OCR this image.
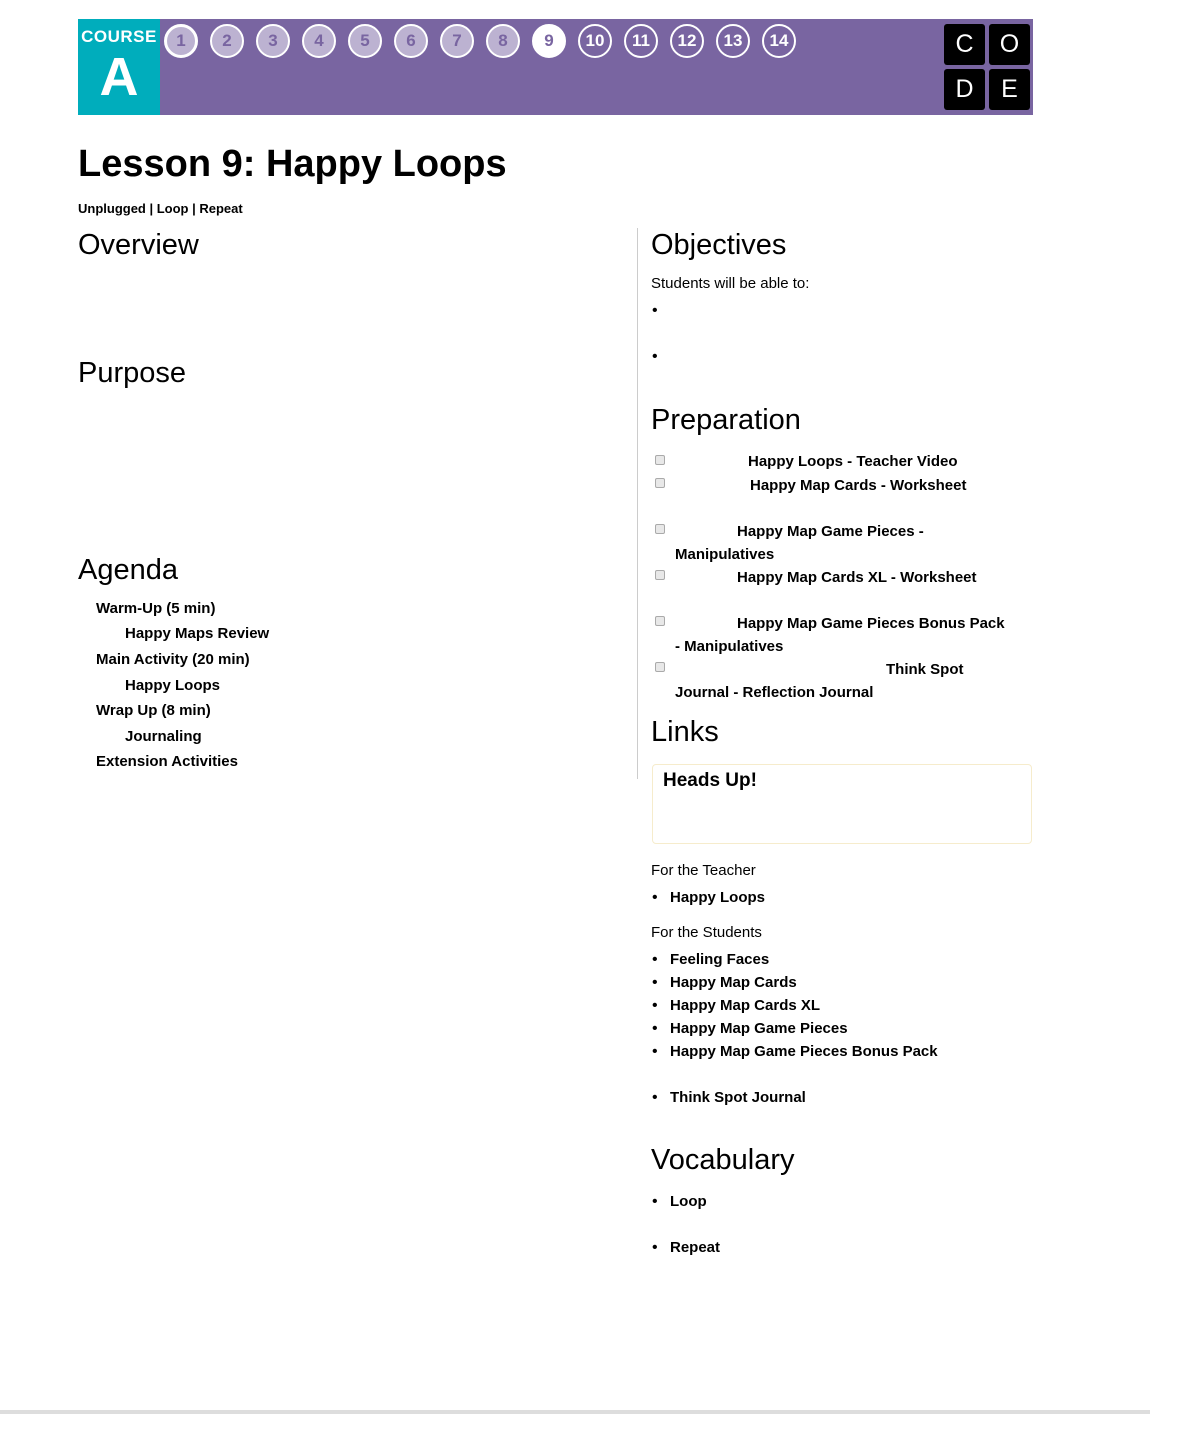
COURSE
A
1	2	3	4	5	6	7	8	9	10	11	12	13	14	C	O
D	E
Lesson 9: Happy Loops
Unplugged | Loop | Repeat
Overview
Purpose
Agenda
Warm-Up (5 min)
Happy Maps Review
Main Activity (20 min)
Happy Loops
Wrap Up (8 min)
Journaling
Extension Activities
Objectives
Students will be able to:
•
•
Preparation
Happy Loops - Teacher Video
Happy Map Cards - Worksheet
Happy Map Game Pieces -
Manipulatives
Happy Map Cards XL - Worksheet
Happy Map Game Pieces Bonus Pack
- Manipulatives
Think Spot
Journal - Reflection Journal
Links
Heads Up!
For the Teacher
• Happy Loops
For the Students
• Feeling Faces
• Happy Map Cards
• Happy Map Cards XL
• Happy Map Game Pieces
• Happy Map Game Pieces Bonus Pack
• Think Spot Journal
Vocabulary
• Loop
• Repeat
